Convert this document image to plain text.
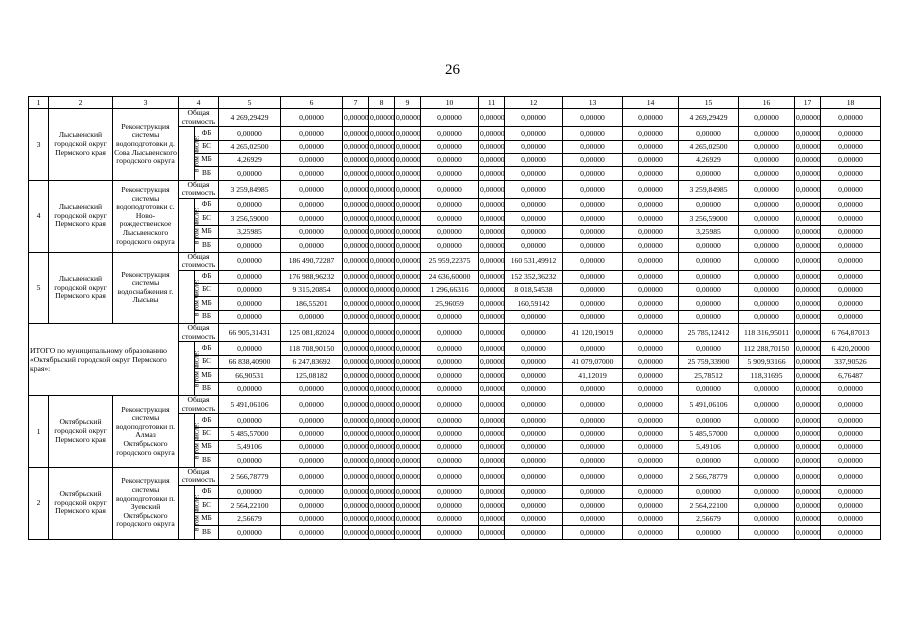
26
1	2	3	4		5	6	7	8	9	10	11	12	13	14	15	16	17	18
3	Лысьвенский городской округ Пермского края	Реконструкция системы водоподготовки д. Сова Лысьвенского городского округа	Общая стоимость		4 269,29429	0,00000	0,00000	0,00000	0,00000	0,00000	0,00000	0,00000	0,00000	0,00000	4 269,29429	0,00000	0,00000	0,00000
			в том числе:	ФБ	0,00000	0,00000	0,00000	0,00000	0,00000	0,00000	0,00000	0,00000	0,00000	0,00000	0,00000	0,00000	0,00000	0,00000
				БС	4 265,02500	0,00000	0,00000	0,00000	0,00000	0,00000	0,00000	0,00000	0,00000	0,00000	4 265,02500	0,00000	0,00000	0,00000
				МБ	4,26929	0,00000	0,00000	0,00000	0,00000	0,00000	0,00000	0,00000	0,00000	0,00000	4,26929	0,00000	0,00000	0,00000
				ВБ	0,00000	0,00000	0,00000	0,00000	0,00000	0,00000	0,00000	0,00000	0,00000	0,00000	0,00000	0,00000	0,00000	0,00000
4	Лысьвенский городской округ Пермского края	Реконструкция системы водоподготовки с. Ново-рождественское Лысьвенского городского округа	Общая стоимость		3 259,84985	0,00000	0,00000	0,00000	0,00000	0,00000	0,00000	0,00000	0,00000	0,00000	3 259,84985	0,00000	0,00000	0,00000
			в том числе:	ФБ	0,00000	0,00000	0,00000	0,00000	0,00000	0,00000	0,00000	0,00000	0,00000	0,00000	0,00000	0,00000	0,00000	0,00000
				БС	3 256,59000	0,00000	0,00000	0,00000	0,00000	0,00000	0,00000	0,00000	0,00000	0,00000	3 256,59000	0,00000	0,00000	0,00000
				МБ	3,25985	0,00000	0,00000	0,00000	0,00000	0,00000	0,00000	0,00000	0,00000	0,00000	3,25985	0,00000	0,00000	0,00000
				ВБ	0,00000	0,00000	0,00000	0,00000	0,00000	0,00000	0,00000	0,00000	0,00000	0,00000	0,00000	0,00000	0,00000	0,00000
5	Лысьвенский городской округ Пермского края	Реконструкция системы водоснабжения г. Лысьвы	Общая стоимость		0,00000	186 490,72287	0,00000	0,00000	0,00000	25 959,22375	0,00000	160 531,49912	0,00000	0,00000	0,00000	0,00000	0,00000	0,00000
			в том числе:	ФБ	0,00000	176 988,96232	0,00000	0,00000	0,00000	24 636,60000	0,00000	152 352,36232	0,00000	0,00000	0,00000	0,00000	0,00000	0,00000
				БС	0,00000	9 315,20854	0,00000	0,00000	0,00000	1 296,66316	0,00000	8 018,54538	0,00000	0,00000	0,00000	0,00000	0,00000	0,00000
				МБ	0,00000	186,55201	0,00000	0,00000	0,00000	25,96059	0,00000	160,59142	0,00000	0,00000	0,00000	0,00000	0,00000	0,00000
				ВБ	0,00000	0,00000	0,00000	0,00000	0,00000	0,00000	0,00000	0,00000	0,00000	0,00000	0,00000	0,00000	0,00000	0,00000
ИТОГО по муниципальному образованию «Октябрьский городской округ Пермского края»:			Общая стоимость		66 905,31431	125 081,82024	0,00000	0,00000	0,00000	0,00000	0,00000	0,00000	41 120,19019	0,00000	25 785,12412	118 316,95011	0,00000	6 764,87013
			в том числе:	ФБ	0,00000	118 708,90150	0,00000	0,00000	0,00000	0,00000	0,00000	0,00000	0,00000	0,00000	0,00000	112 288,70150	0,00000	6 420,20000
				БС	66 838,40900	6 247,83692	0,00000	0,00000	0,00000	0,00000	0,00000	0,00000	41 079,07000	0,00000	25 759,33900	5 909,93166	0,00000	337,90526
				МБ	66,90531	125,08182	0,00000	0,00000	0,00000	0,00000	0,00000	0,00000	41,12019	0,00000	25,78512	118,31695	0,00000	6,76487
				ВБ	0,00000	0,00000	0,00000	0,00000	0,00000	0,00000	0,00000	0,00000	0,00000	0,00000	0,00000	0,00000	0,00000	0,00000
1	Октябрьский городской округ Пермского края	Реконструкция системы водоподготовки п. Алмаз Октябрьского городского округа	Общая стоимость		5 491,06106	0,00000	0,00000	0,00000	0,00000	0,00000	0,00000	0,00000	0,00000	0,00000	5 491,06106	0,00000	0,00000	0,00000
			в том числе:	ФБ	0,00000	0,00000	0,00000	0,00000	0,00000	0,00000	0,00000	0,00000	0,00000	0,00000	0,00000	0,00000	0,00000	0,00000
				БС	5 485,57000	0,00000	0,00000	0,00000	0,00000	0,00000	0,00000	0,00000	0,00000	0,00000	5 485,57000	0,00000	0,00000	0,00000
				МБ	5,49106	0,00000	0,00000	0,00000	0,00000	0,00000	0,00000	0,00000	0,00000	0,00000	5,49106	0,00000	0,00000	0,00000
				ВБ	0,00000	0,00000	0,00000	0,00000	0,00000	0,00000	0,00000	0,00000	0,00000	0,00000	0,00000	0,00000	0,00000	0,00000
2	Октябрьский городской округ Пермского края	Реконструкция системы водоподготовки п. Зуевский Октябрьского городского округа	Общая стоимость		2 566,78779	0,00000	0,00000	0,00000	0,00000	0,00000	0,00000	0,00000	0,00000	0,00000	2 566,78779	0,00000	0,00000	0,00000
			в том числе:	ФБ	0,00000	0,00000	0,00000	0,00000	0,00000	0,00000	0,00000	0,00000	0,00000	0,00000	0,00000	0,00000	0,00000	0,00000
				БС	2 564,22100	0,00000	0,00000	0,00000	0,00000	0,00000	0,00000	0,00000	0,00000	0,00000	2 564,22100	0,00000	0,00000	0,00000
				МБ	2,56679	0,00000	0,00000	0,00000	0,00000	0,00000	0,00000	0,00000	0,00000	0,00000	2,56679	0,00000	0,00000	0,00000
				ВБ	0,00000	0,00000	0,00000	0,00000	0,00000	0,00000	0,00000	0,00000	0,00000	0,00000	0,00000	0,00000	0,00000	0,00000
